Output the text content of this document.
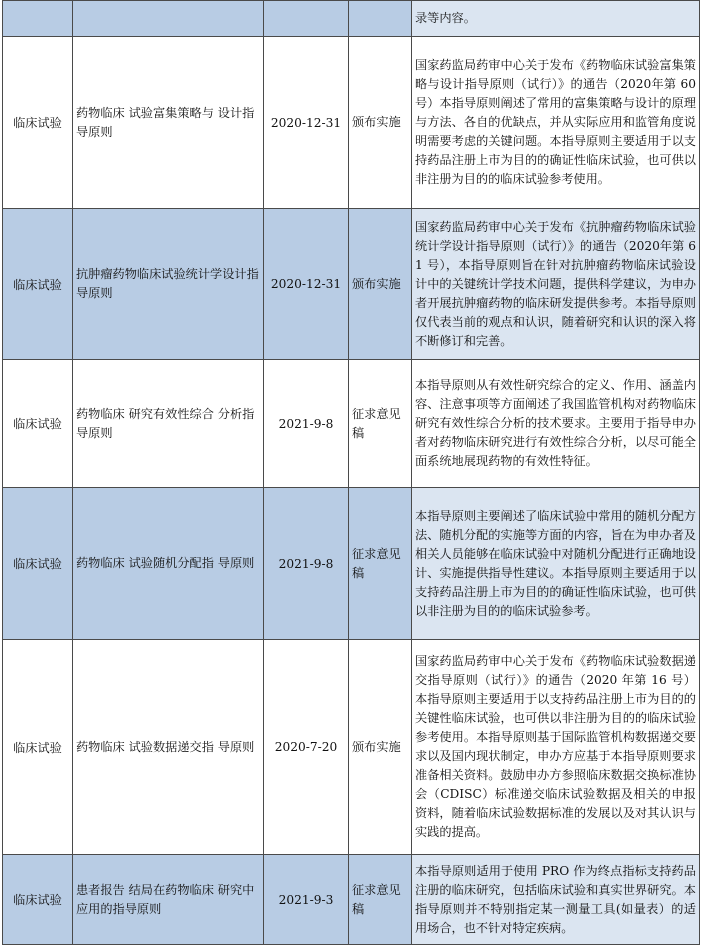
				录等内容。
临床试验	药物临床 试验富集策略与 设计指导原则	2020-12-31	颁布实施	国家药监局药审中心关于发布《药物临床试验富集策略与设计指导原则（试行）》的通告（2020年第 60 号）本指导原则阐述了常用的富集策略与设计的原理与方法、各自的优缺点，并从实际应用和监管角度说明需要考虑的关键问题。本指导原则主要适用于以支持药品注册上市为目的的确证性临床试验，也可供以非注册为目的的临床试验参考使用。
临床试验	抗肿瘤药物临床试验统计学设计指导原则	2020-12-31	颁布实施	国家药监局药审中心关于发布《抗肿瘤药物临床试验统计学设计指导原则（试行）》的通告（2020年第 61 号），本指导原则旨在针对抗肿瘤药物临床试验设计中的关键统计学技术问题，提供科学建议，为申办者开展抗肿瘤药物的临床研发提供参考。本指导原则仅代表当前的观点和认识，随着研究和认识的深入将不断修订和完善。
临床试验	药物临床 研究有效性综合 分析指导原则	2021-9-8	征求意见稿	本指导原则从有效性研究综合的定义、作用、涵盖内容、注意事项等方面阐述了我国监管机构对药物临床研究有效性综合分析的技术要求。主要用于指导申办者对药物临床研究进行有效性综合分析，以尽可能全面系统地展现药物的有效性特征。
临床试验	药物临床 试验随机分配指 导原则	2021-9-8	征求意见稿	本指导原则主要阐述了临床试验中常用的随机分配方法、随机分配的实施等方面的内容，旨在为申办者及相关人员能够在临床试验中对随机分配进行正确地设计、实施提供指导性建议。本指导原则主要适用于以支持药品注册上市为目的的确证性临床试验，也可供以非注册为目的的临床试验参考。
临床试验	药物临床 试验数据递交指 导原则	2020-7-20	颁布实施	国家药监局药审中心关于发布《药物临床试验数据递交指导原则（试行）》的通告（2020 年第 16 号）本指导原则主要适用于以支持药品注册上市为目的的关键性临床试验，也可供以非注册为目的的临床试验参考使用。本指导原则基于国际监管机构数据递交要求以及国内现状制定，申办方应基于本指导原则要求准备相关资料。鼓励申办方参照临床数据交换标准协会（CDISC）标准递交临床试验数据及相关的申报资料，随着临床试验数据标准的发展以及对其认识与实践的提高。
临床试验	患者报告 结局在药物临床 研究中应用的指导原则	2021-9-3	征求意见稿	本指导原则适用于使用 PRO 作为终点指标支持药品注册的临床研究，包括临床试验和真实世界研究。本指导原则并不特别指定某一测量工具(如量表）的适用场合，也不针对特定疾病。
